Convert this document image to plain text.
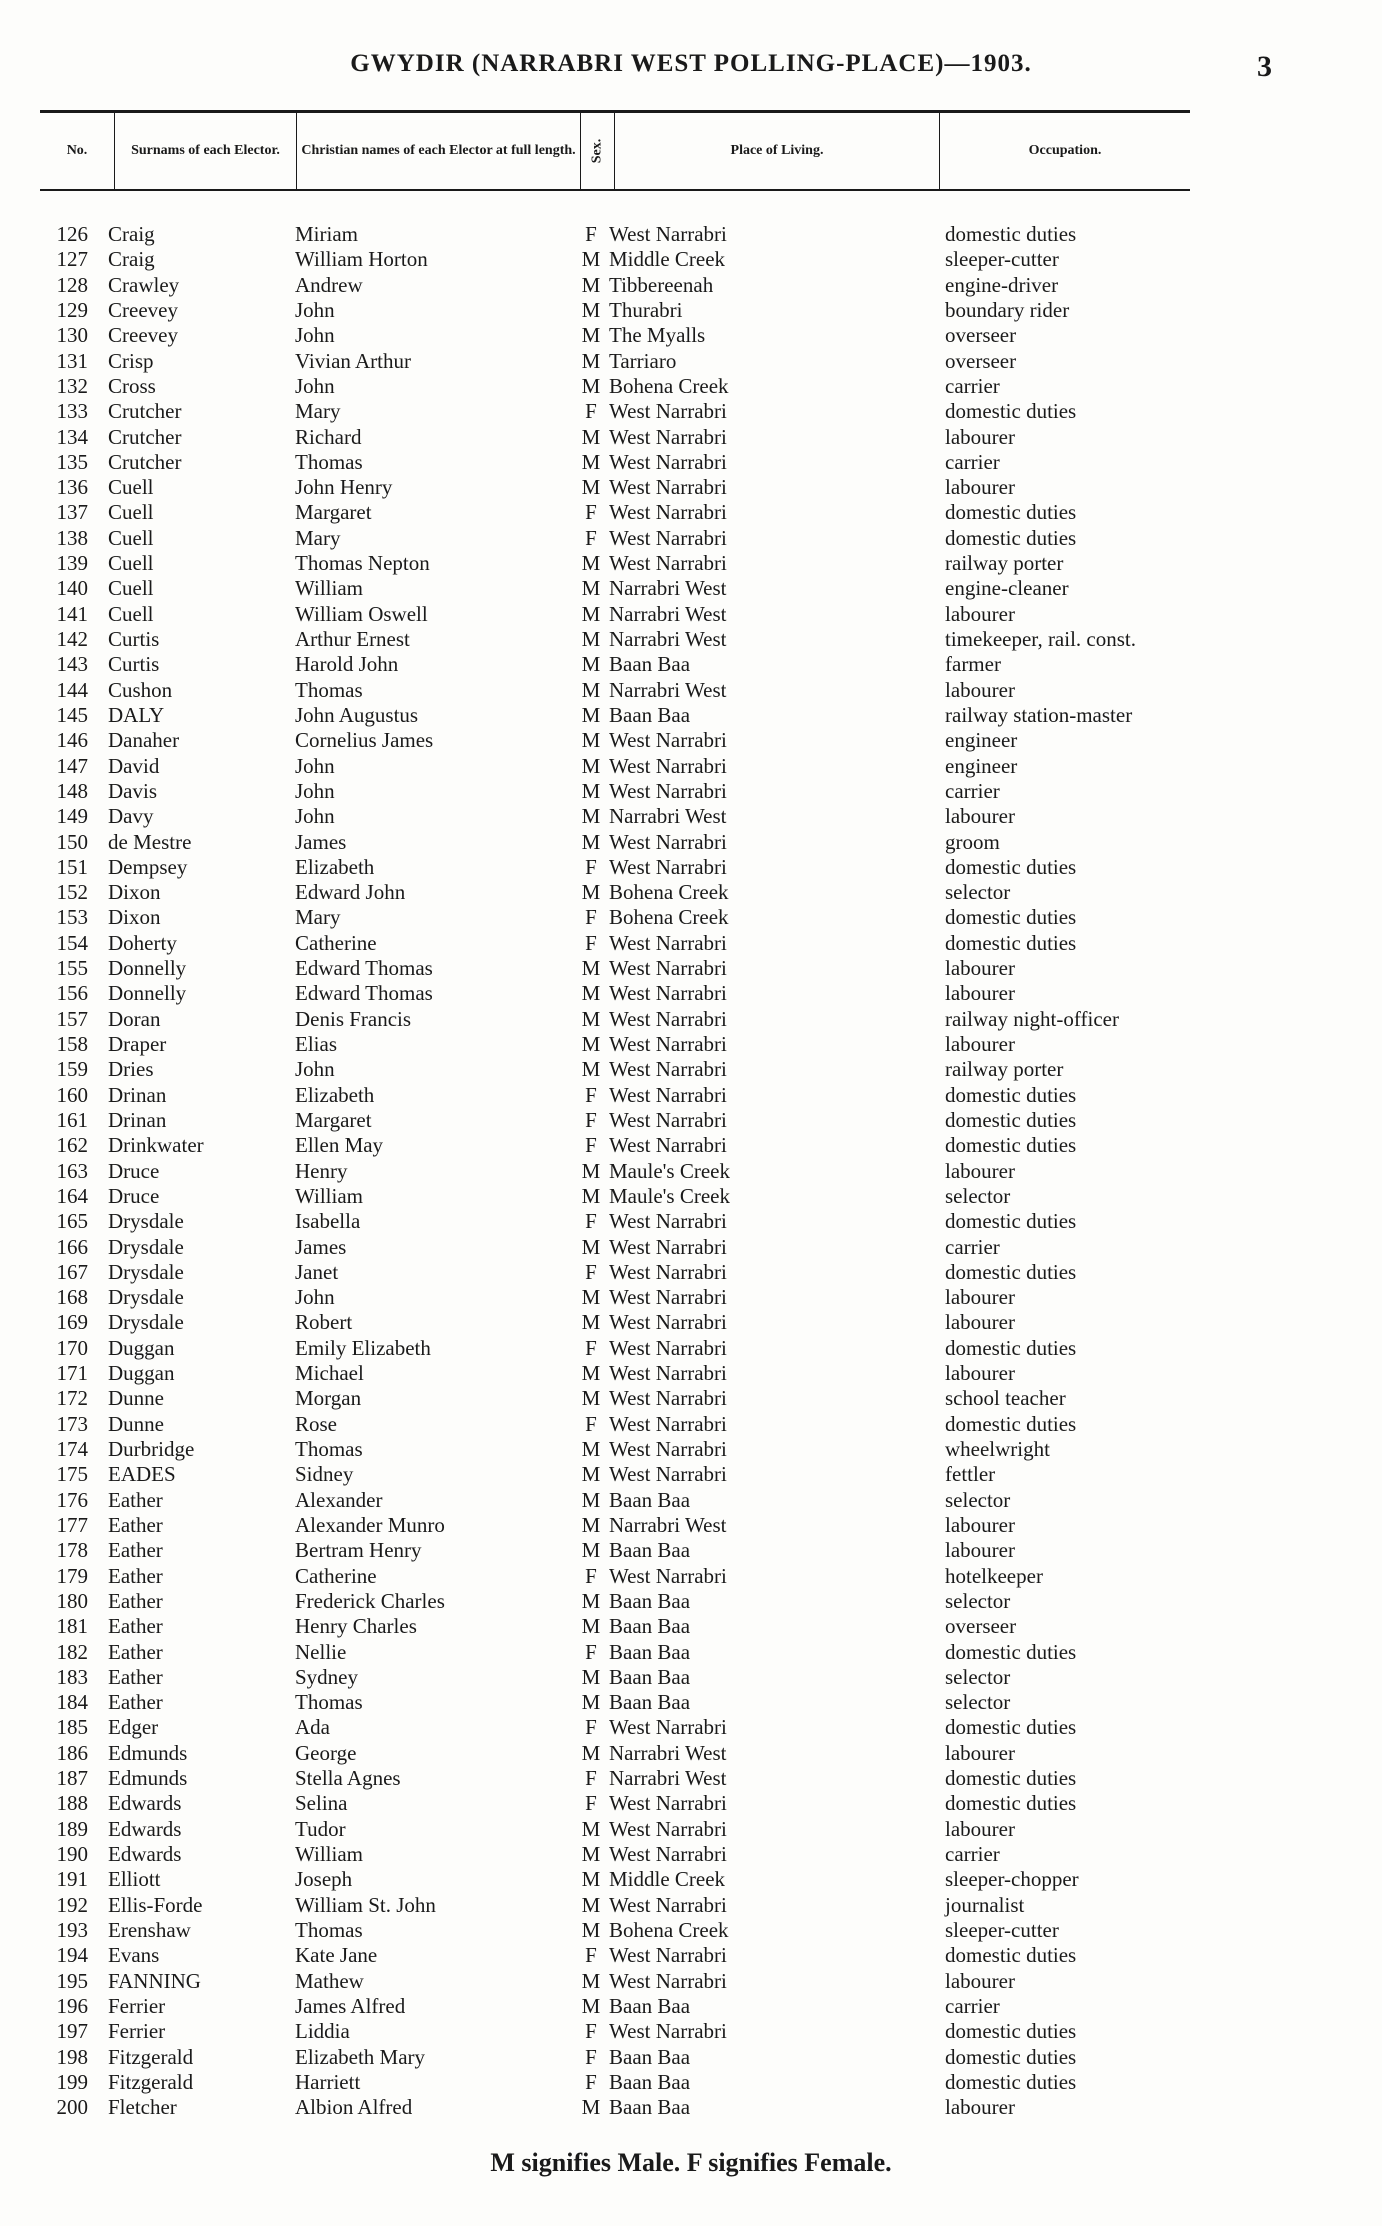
GWYDIR (NARRABRI WEST POLLING-PLACE)—1903.	3
No.	Surnams of each Elector.	Christian names of each Elector at full length. Sex.	Place of Living.	Occupation.
126 Craig	Miriam	F West Narrabri	domestic duties
127 Craig	William Horton	M Middle Creek	sleeper-cutter
128 Crawley	Andrew	M Tibbereenah	engine-driver
129 Creevey	John	M Thurabri	boundary rider
130 Creevey	John	M The Myalls	overseer
131 Crisp	Vivian Arthur	M Tarriaro	overseer
132 Cross	John	M Bohena Creek	carrier
133 Crutcher	Mary	F West Narrabri	domestic duties
134 Crutcher	Richard	M West Narrabri	labourer
135 Crutcher	Thomas	M West Narrabri	carrier
136 Cuell	John Henry	M West Narrabri	labourer
137 Cuell	Margaret	F West Narrabri	domestic duties
138 Cuell	Mary	F West Narrabri	domestic duties
139 Cuell	Thomas Nepton	M West Narrabri	railway porter
140 Cuell	William	M Narrabri West	engine-cleaner
141 Cuell	William Oswell	M Narrabri West	labourer
142 Curtis	Arthur Ernest	M Narrabri West	timekeeper, rail. const.
143 Curtis	Harold John	M Baan Baa	farmer
144 Cushon	Thomas	M Narrabri West	labourer
145 DALY	John Augustus	M Baan Baa	railway station-master
146 Danaher	Cornelius James	M West Narrabri	engineer
147 David	John	M West Narrabri	engineer
148 Davis	John	M West Narrabri	carrier
149 Davy	John	M Narrabri West	labourer
150 de Mestre	James	M West Narrabri	groom
151 Dempsey	Elizabeth	F West Narrabri	domestic duties
152 Dixon	Edward John	M Bohena Creek	selector
153 Dixon	Mary	F Bohena Creek	domestic duties
154 Doherty	Catherine	F West Narrabri	domestic duties
155 Donnelly	Edward Thomas	M West Narrabri	labourer
156 Donnelly	Edward Thomas	M West Narrabri	labourer
157 Doran	Denis Francis	M West Narrabri	railway night-officer
158 Draper	Elias	M West Narrabri	labourer
159 Dries	John	M West Narrabri	railway porter
160 Drinan	Elizabeth	F West Narrabri	domestic duties
161 Drinan	Margaret	F West Narrabri	domestic duties
162 Drinkwater	Ellen May	F West Narrabri	domestic duties
163 Druce	Henry	M Maule's Creek	labourer
164 Druce	William	M Maule's Creek	selector
165 Drysdale	Isabella	F West Narrabri	domestic duties
166 Drysdale	James	M West Narrabri	carrier
167 Drysdale	Janet	F West Narrabri	domestic duties
168 Drysdale	John	M West Narrabri	labourer
169 Drysdale	Robert	M West Narrabri	labourer
170 Duggan	Emily Elizabeth	F West Narrabri	domestic duties
171 Duggan	Michael	M West Narrabri	labourer
172 Dunne	Morgan	M West Narrabri	school teacher
173 Dunne	Rose	F West Narrabri	domestic duties
174 Durbridge	Thomas	M West Narrabri	wheelwright
175 EADES	Sidney	M West Narrabri	fettler
176 Eather	Alexander	M Baan Baa	selector
177 Eather	Alexander Munro	M Narrabri West	labourer
178 Eather	Bertram Henry	M Baan Baa	labourer
179 Eather	Catherine	F West Narrabri	hotelkeeper
180 Eather	Frederick Charles	M Baan Baa	selector
181 Eather	Henry Charles	M Baan Baa	overseer
182 Eather	Nellie	F Baan Baa	domestic duties
183 Eather	Sydney	M Baan Baa	selector
184 Eather	Thomas	M Baan Baa	selector
185 Edger	Ada	F West Narrabri	domestic duties
186 Edmunds	George	M Narrabri West	labourer
187 Edmunds	Stella Agnes	F Narrabri West	domestic duties
188 Edwards	Selina	F West Narrabri	domestic duties
189 Edwards	Tudor	M West Narrabri	labourer
190 Edwards	William	M West Narrabri	carrier
191 Elliott	Joseph	M Middle Creek	sleeper-chopper
192 Ellis-Forde	William St. John	M West Narrabri	journalist
193 Erenshaw	Thomas	M Bohena Creek	sleeper-cutter
194 Evans	Kate Jane	F West Narrabri	domestic duties
195 FANNING	Mathew	M West Narrabri	labourer
196 Ferrier	James Alfred	M Baan Baa	carrier
197 Ferrier	Liddia	F West Narrabri	domestic duties
198 Fitzgerald	Elizabeth Mary	F Baan Baa	domestic duties
199 Fitzgerald	Harriett	F Baan Baa	domestic duties
200 Fletcher	Albion Alfred	M Baan Baa	labourer
M signifies Male. F signifies Female.
